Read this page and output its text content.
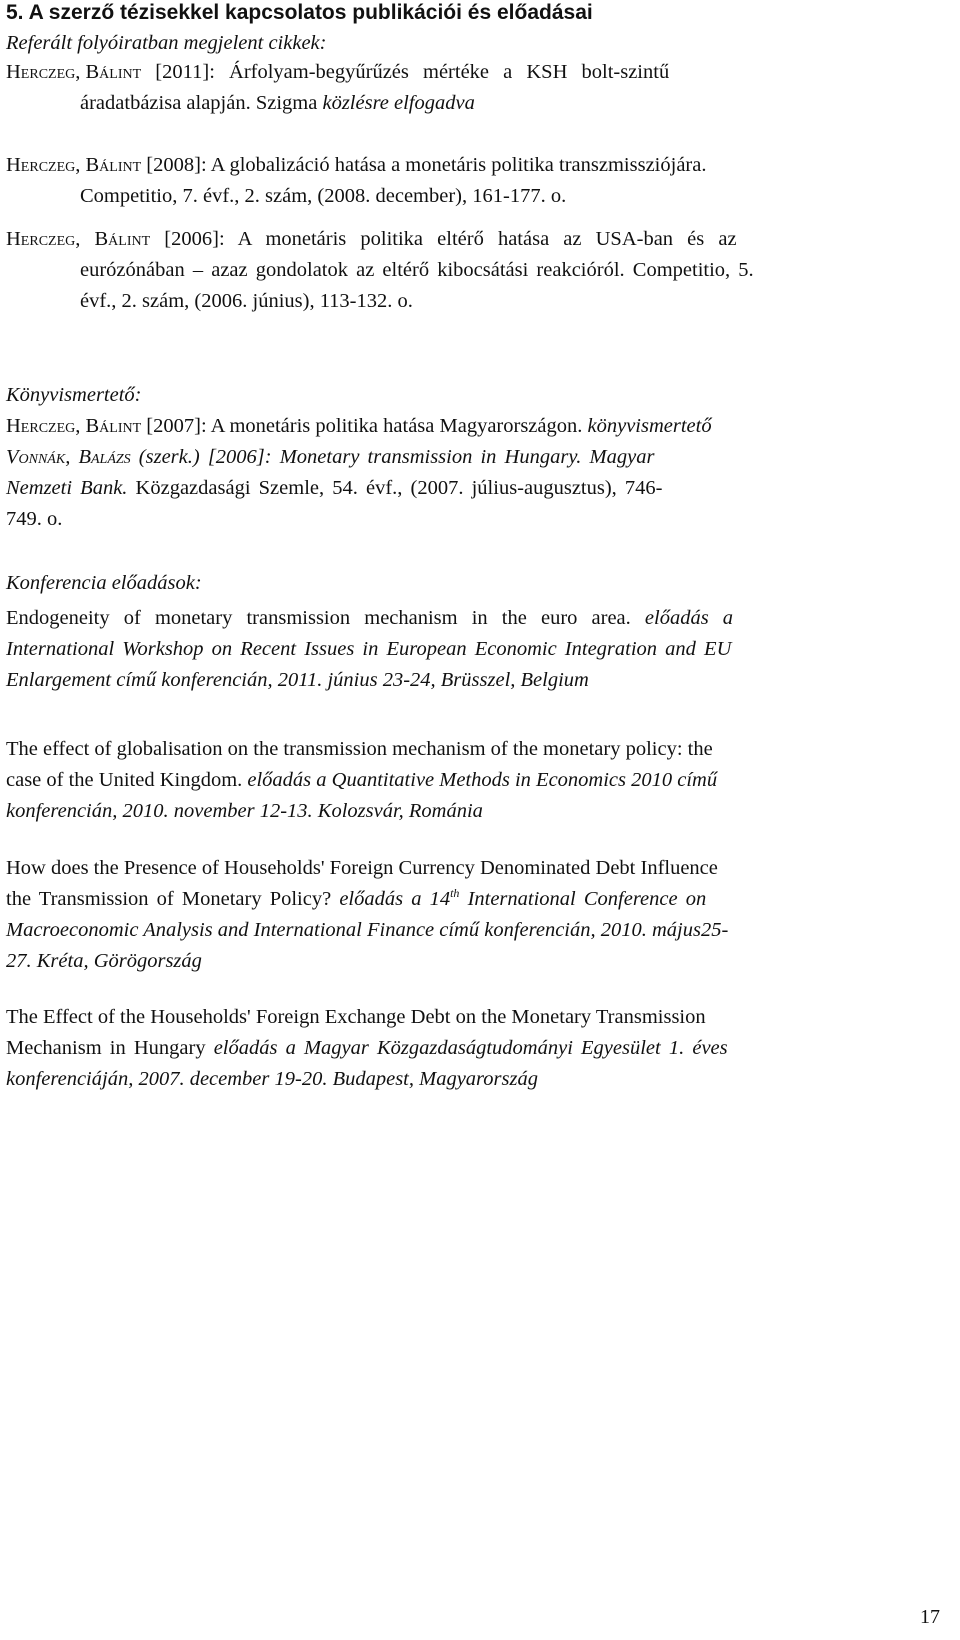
5. A szerző tézisekkel kapcsolatos publikációi és előadásai

Referált folyóiratban megjelent cikkek:

Herczeg, Bálint [2011]: Árfolyam-begyűrűzés mértéke a KSH bolt-szintű
áradatbázisa alapján. Szigma közlésre elfogadva
Herczeg, Bálint [2008]: A globalizáció hatása a monetáris politika transzmissziójára.
Competitio, 7. évf., 2. szám, (2008. december), 161-177. o.
Herczeg, Bálint [2006]: A monetáris politika eltérő hatása az USA-ban és az
eurózónában – azaz gondolatok az eltérő kibocsátási reakcióról. Competitio, 5.
évf., 2. szám, (2006. június), 113-132. o.

Könyvismertető:

Herczeg, Bálint [2007]: A monetáris politika hatása Magyarországon. könyvismertető
Vonnák, Balázs (szerk.) [2006]: Monetary transmission in Hungary. Magyar
Nemzeti Bank. Közgazdasági Szemle, 54. évf., (2007. július-augusztus), 746-
749. o.

Konferencia előadások:

Endogeneity of monetary transmission mechanism in the euro area. előadás a
International Workshop on Recent Issues in European Economic Integration and EU
Enlargement című konferencián, 2011. június 23-24, Brüsszel, Belgium
The effect of globalisation on the transmission mechanism of the monetary policy: the
case of the United Kingdom. előadás a Quantitative Methods in Economics 2010 című
konferencián, 2010. november 12-13. Kolozsvár, Románia
How does the Presence of Households' Foreign Currency Denominated Debt Influence
the Transmission of Monetary Policy? előadás a 14th International Conference on
Macroeconomic Analysis and International Finance című konferencián, 2010. május25-
27. Kréta, Görögország
The Effect of the Households' Foreign Exchange Debt on the Monetary Transmission
Mechanism in Hungary előadás a Magyar Közgazdaságtudományi Egyesület 1. éves
konferenciáján, 2007. december 19-20. Budapest, Magyarország
17
